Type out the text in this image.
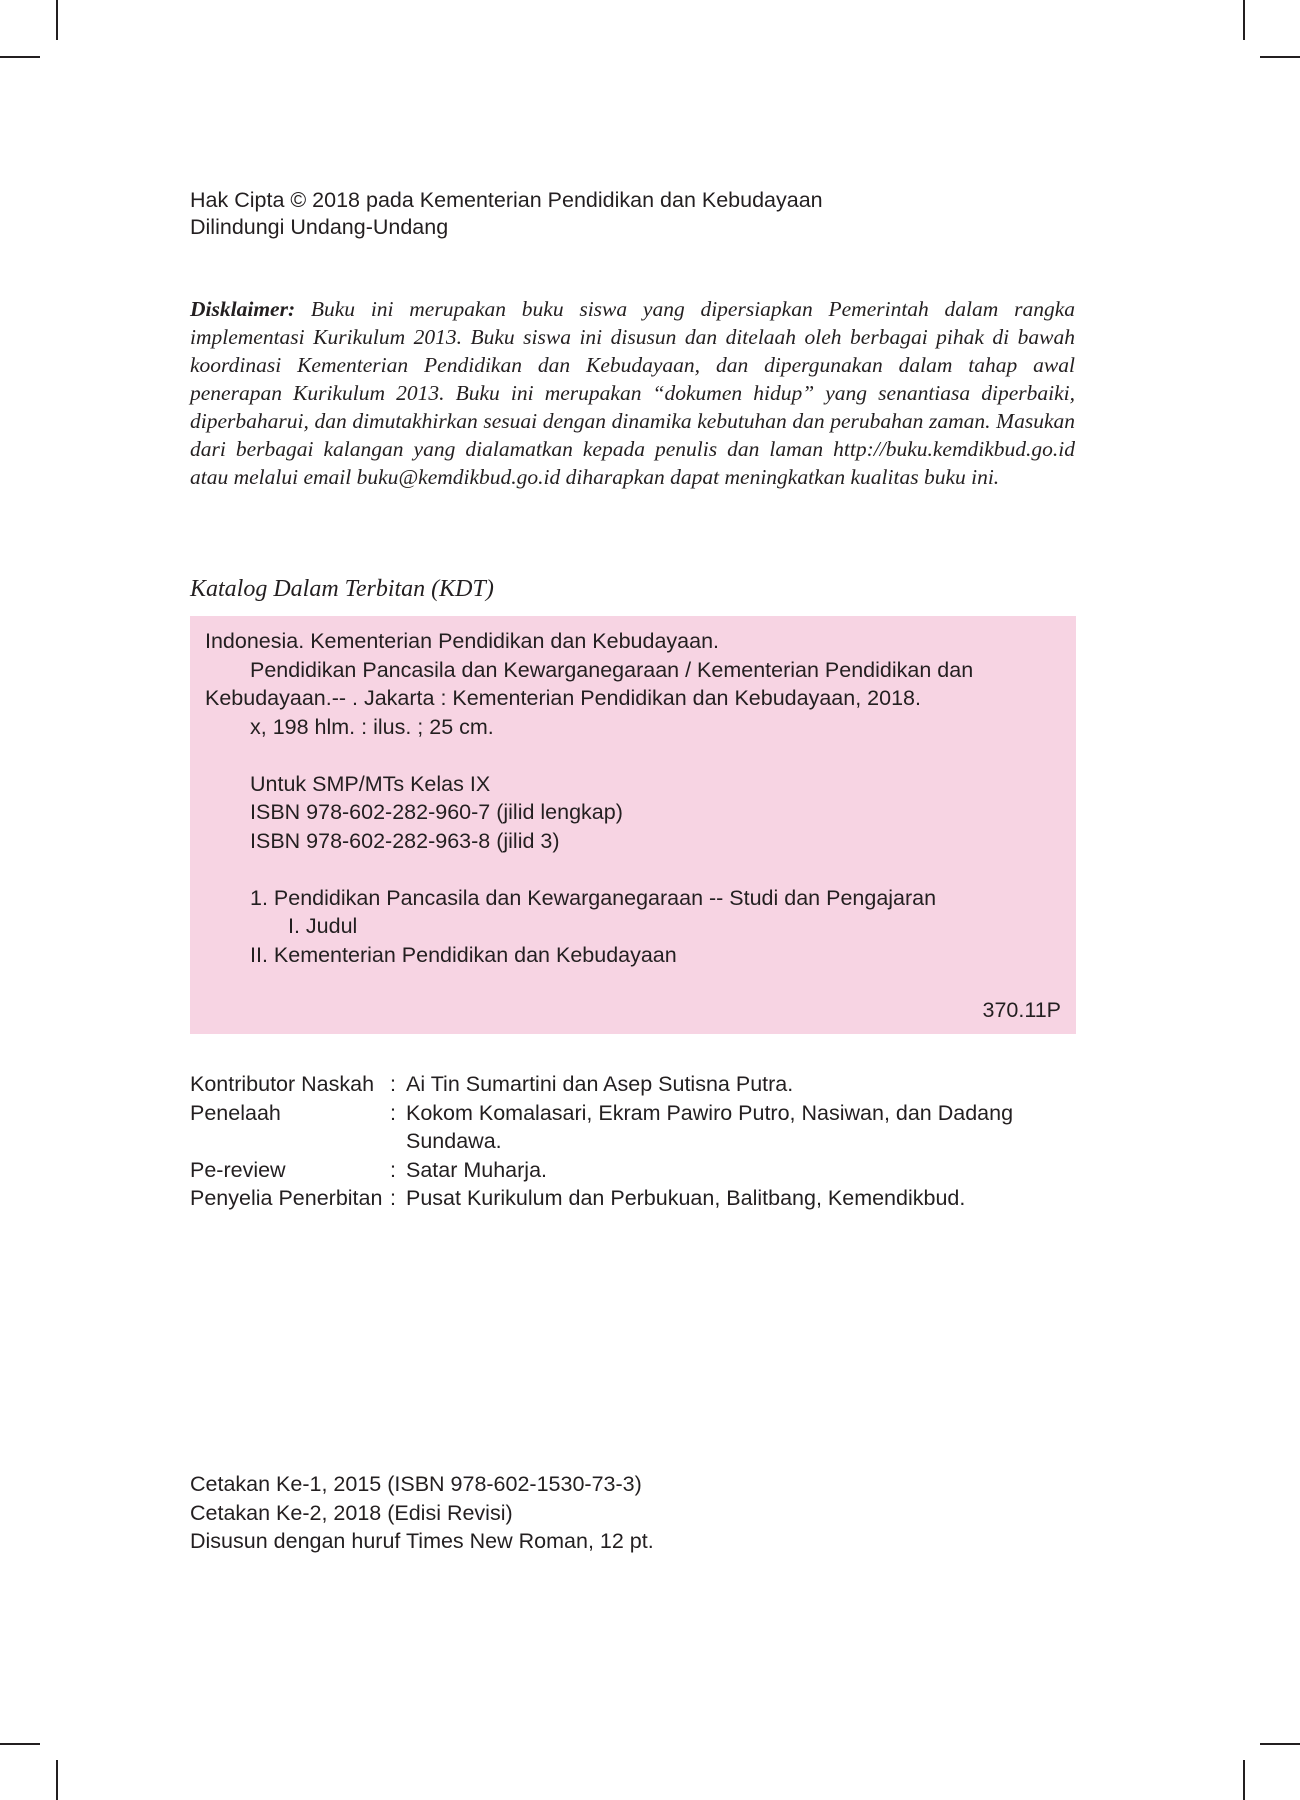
Hak Cipta © 2018 pada Kementerian Pendidikan dan Kebudayaan
Dilindungi Undang-Undang
Disklaimer: Buku ini merupakan buku siswa yang dipersiapkan Pemerintah dalam rangka implementasi Kurikulum 2013. Buku siswa ini disusun dan ditelaah oleh berbagai pihak di bawah koordinasi Kementerian Pendidikan dan Kebudayaan, dan dipergunakan dalam tahap awal penerapan Kurikulum 2013. Buku ini merupakan “dokumen hidup” yang senantiasa diperbaiki, diperbaharui, dan dimutakhirkan sesuai dengan dinamika kebutuhan dan perubahan zaman. Masukan dari berbagai kalangan yang dialamatkan kepada penulis dan laman http://buku.kemdikbud.go.id atau melalui email buku@kemdikbud.go.id diharapkan dapat meningkatkan kualitas buku ini.
Katalog Dalam Terbitan (KDT)
Indonesia. Kementerian Pendidikan dan Kebudayaan.
Pendidikan Pancasila dan Kewarganegaraan / Kementerian Pendidikan dan
Kebudayaan.-- . Jakarta : Kementerian Pendidikan dan Kebudayaan, 2018.
x, 198 hlm. : ilus. ; 25 cm.
Untuk SMP/MTs Kelas IX
ISBN 978-602-282-960-7 (jilid lengkap)
ISBN 978-602-282-963-8 (jilid 3)
1. Pendidikan Pancasila dan Kewarganegaraan -- Studi dan Pengajaran
I. Judul
II. Kementerian Pendidikan dan Kebudayaan
370.11P
Kontributor Naskah : Ai Tin Sumartini dan Asep Sutisna Putra.
Penelaah	: Kokom Komalasari, Ekram Pawiro Putro, Nasiwan, dan Dadang Sundawa.
Pe-review	: Satar Muharja.
Penyelia Penerbitan : Pusat Kurikulum dan Perbukuan, Balitbang, Kemendikbud.
Cetakan Ke-1, 2015 (ISBN 978-602-1530-73-3)
Cetakan Ke-2, 2018 (Edisi Revisi)
Disusun dengan huruf Times New Roman, 12 pt.
